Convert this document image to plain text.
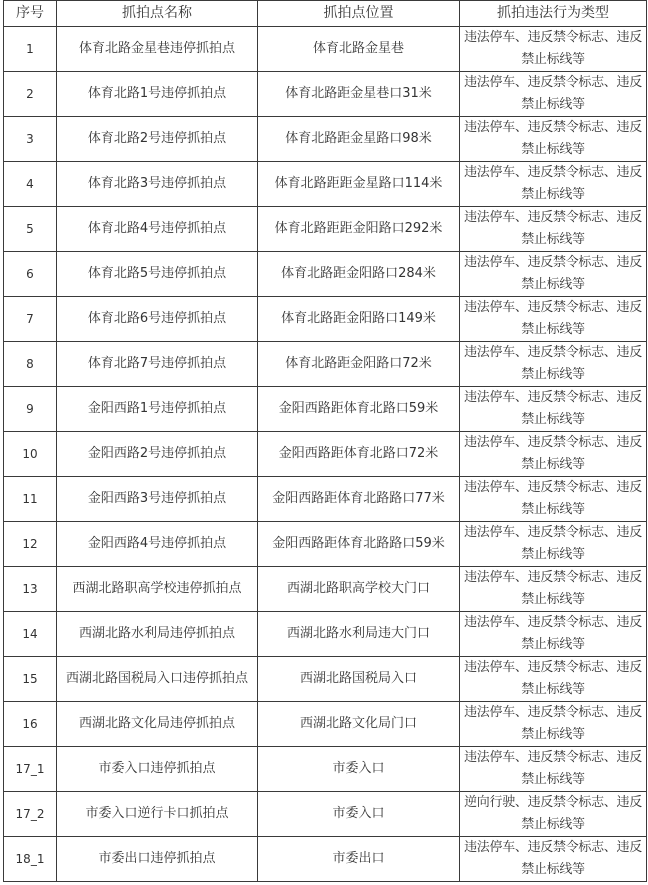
序号	抓拍点名称	抓拍点位置	抓拍违法行为类型
1	体育北路金星巷违停抓拍点	体育北路金星巷	违法停车、违反禁令标志、违反禁止标线等
2	体育北路1号违停抓拍点	体育北路距金星巷口31米	违法停车、违反禁令标志、违反禁止标线等
3	体育北路2号违停抓拍点	体育北路距金星路口98米	违法停车、违反禁令标志、违反禁止标线等
4	体育北路3号违停抓拍点	体育北路距距金星路口114米	违法停车、违反禁令标志、违反禁止标线等
5	体育北路4号违停抓拍点	体育北路距距金阳路口292米	违法停车、违反禁令标志、违反禁止标线等
6	体育北路5号违停抓拍点	体育北路距金阳路口284米	违法停车、违反禁令标志、违反禁止标线等
7	体育北路6号违停抓拍点	体育北路距金阳路口149米	违法停车、违反禁令标志、违反禁止标线等
8	体育北路7号违停抓拍点	体育北路距金阳路口72米	违法停车、违反禁令标志、违反禁止标线等
9	金阳西路1号违停抓拍点	金阳西路距体育北路口59米	违法停车、违反禁令标志、违反禁止标线等
10	金阳西路2号违停抓拍点	金阳西路距体育北路口72米	违法停车、违反禁令标志、违反禁止标线等
11	金阳西路3号违停抓拍点	金阳西路距体育北路路口77米	违法停车、违反禁令标志、违反禁止标线等
12	金阳西路4号违停抓拍点	金阳西路距体育北路路口59米	违法停车、违反禁令标志、违反禁止标线等
13	西湖北路职高学校违停抓拍点	西湖北路职高学校大门口	违法停车、违反禁令标志、违反禁止标线等
14	西湖北路水利局违停抓拍点	西湖北路水利局违大门口	违法停车、违反禁令标志、违反禁止标线等
15	西湖北路国税局入口违停抓拍点	西湖北路国税局入口	违法停车、违反禁令标志、违反禁止标线等
16	西湖北路文化局违停抓拍点	西湖北路文化局门口	违法停车、违反禁令标志、违反禁止标线等
17_1	市委入口违停抓拍点	市委入口	违法停车、违反禁令标志、违反禁止标线等
17_2	市委入口逆行卡口抓拍点	市委入口	逆向行驶、违反禁令标志、违反禁止标线等
18_1	市委出口违停抓拍点	市委出口	违法停车、违反禁令标志、违反禁止标线等
